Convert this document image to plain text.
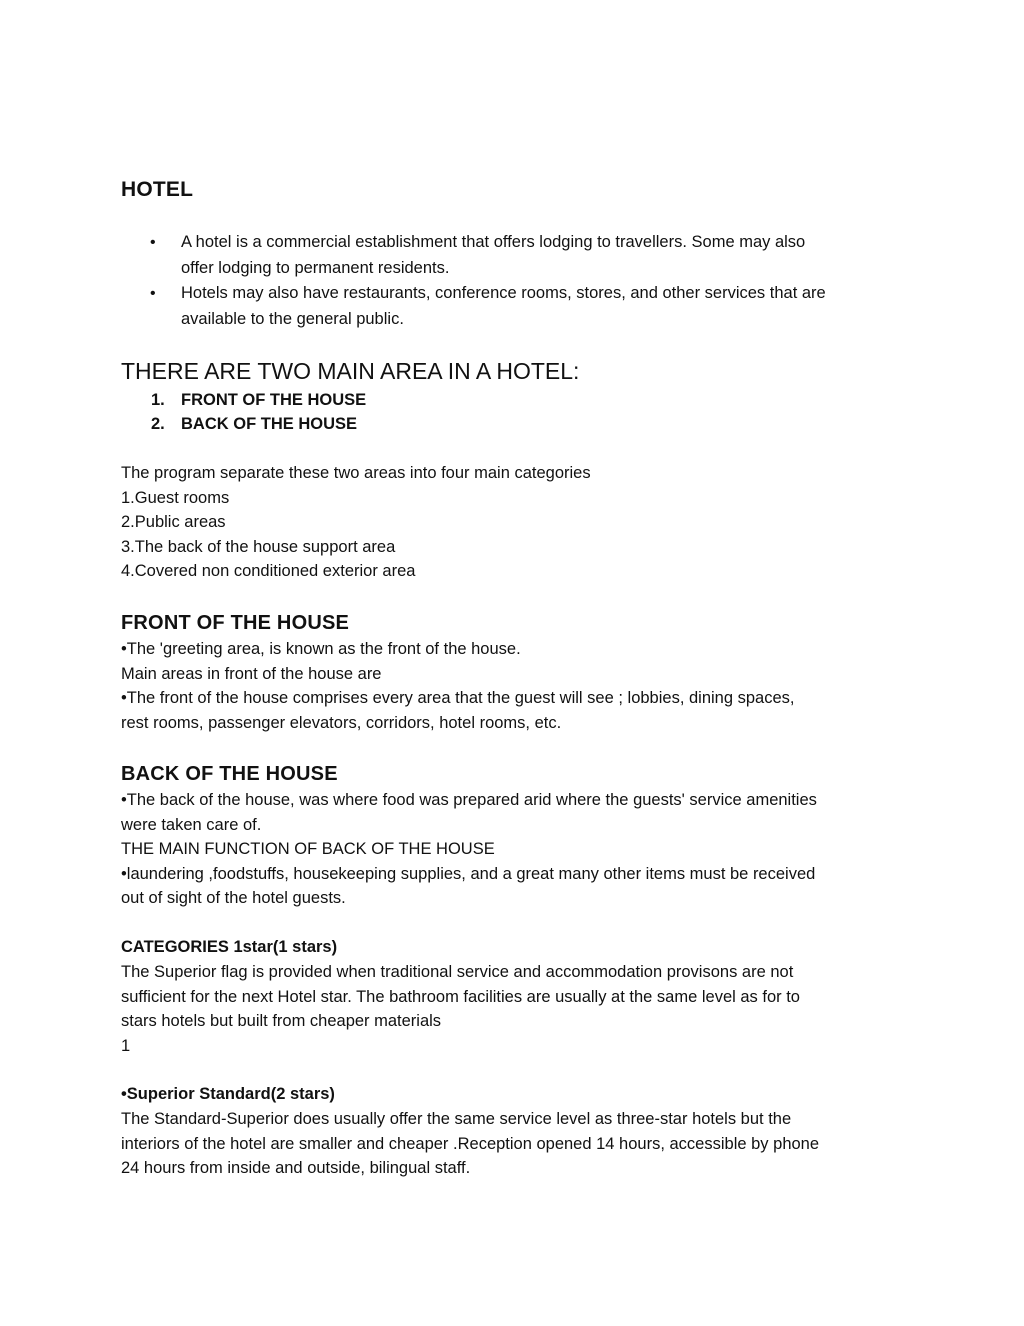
HOTEL
• A hotel is a commercial establishment that offers lodging to travellers. Some may also
offer lodging to permanent residents.
• Hotels may also have restaurants, conference rooms, stores, and other services that are
available to the general public.
THERE ARE TWO MAIN AREA IN A HOTEL:
1. FRONT OF THE HOUSE
2. BACK OF THE HOUSE
The program separate these two areas into four main categories
1.Guest rooms
2.Public areas
3.The back of the house support area
4.Covered non conditioned exterior area
FRONT OF THE HOUSE
•The 'greeting area, is known as the front of the house.
Main areas in front of the house are
•The front of the house comprises every area that the guest will see ; lobbies, dining spaces,
rest rooms, passenger elevators, corridors, hotel rooms, etc.
BACK OF THE HOUSE
•The back of the house, was where food was prepared arid where the guests' service amenities
were taken care of.
THE MAIN FUNCTION OF BACK OF THE HOUSE
•laundering ,foodstuffs, housekeeping supplies, and a great many other items must be received
out of sight of the hotel guests.
CATEGORIES 1star(1 stars)
The Superior flag is provided when traditional service and accommodation provisons are not
sufficient for the next Hotel star. The bathroom facilities are usually at the same level as for to
stars hotels but built from cheaper materials
1
•Superior Standard(2 stars)
The Standard-Superior does usually offer the same service level as three-star hotels but the
interiors of the hotel are smaller and cheaper .Reception opened 14 hours, accessible by phone
24 hours from inside and outside, bilingual staff.
